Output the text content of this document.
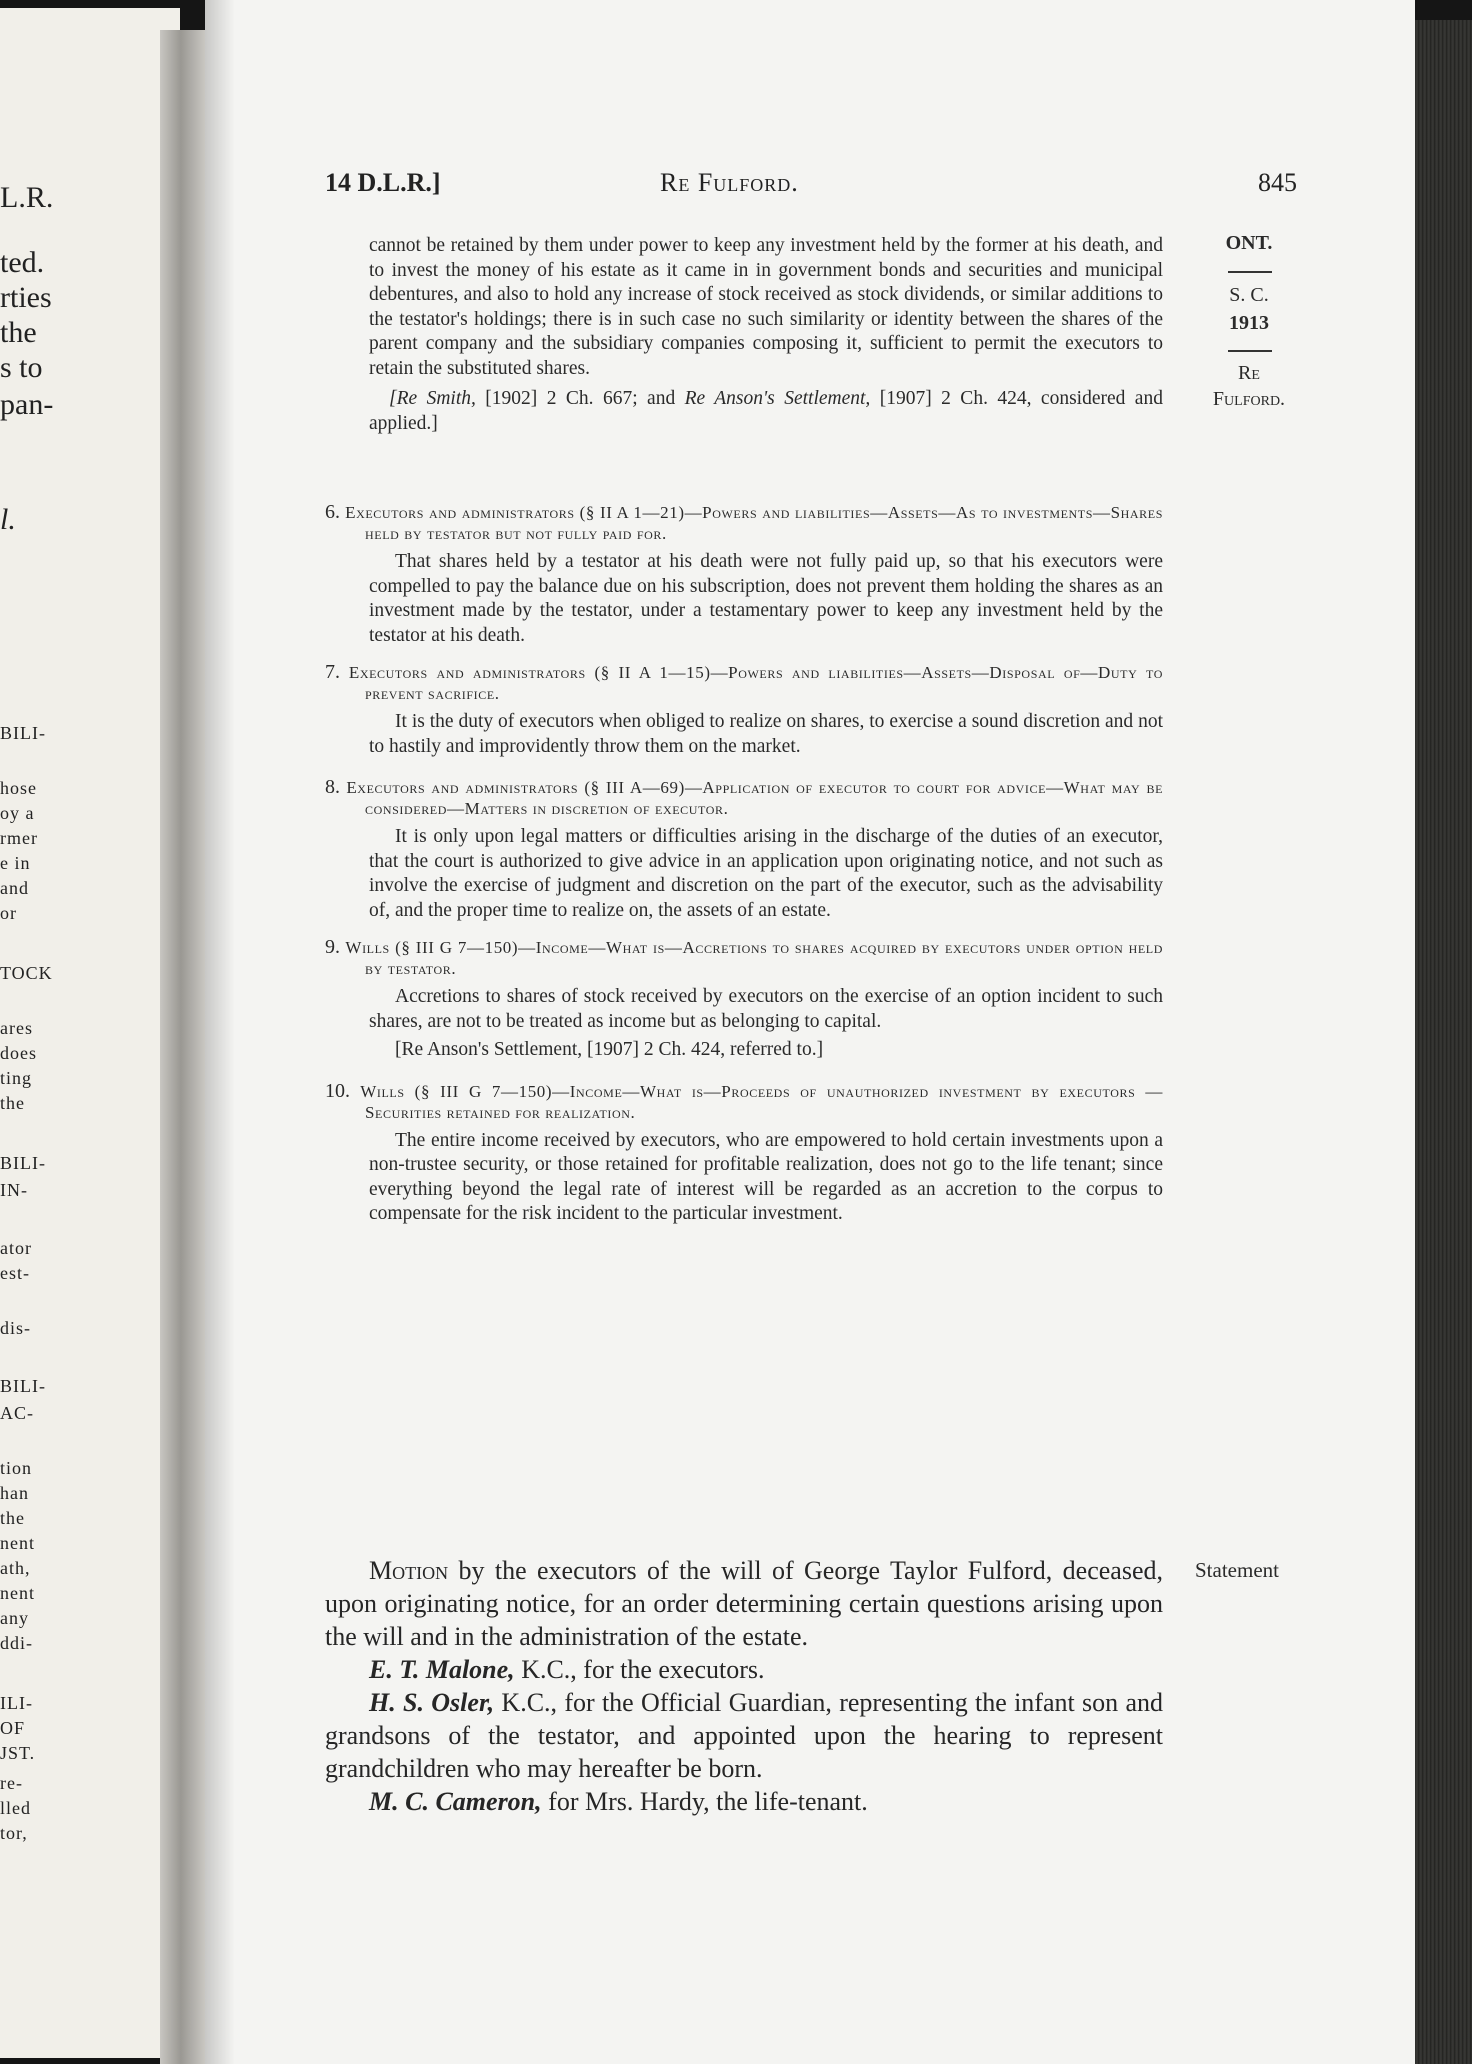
L.R.
ted.
rties
the
s to
pan-
l.
BILI-
hose
oy a
rmer
e in
and
or
TOCK
ares
does
ting
the
BILI-
IN-
ator
est-
dis-
BILI-
AC-
tion
han
the
nent
ath,
nent
any
ddi-
ILI-
OF
JST.
re-
lled
tor,
14 D.L.R.]	Re Fulford.	845
ONT.
S. C.
1913
Re
Fulford.

cannot be retained by them under power to keep any investment held by the former at his death, and to invest the money of his estate as it came in in government bonds and securities and municipal debentures, and also to hold any increase of stock received as stock dividends, or similar additions to the testator's holdings; there is in such case no such similarity or identity between the shares of the parent company and the subsidiary companies composing it, sufficient to permit the executors to retain the substituted shares.

[Re Smith, [1902] 2 Ch. 667; and Re Anson's Settlement, [1907] 2 Ch. 424, considered and applied.]

6. Executors and administrators (§ II A 1—21)—Powers and liabilities—Assets—As to investments—Shares held by testator but not fully paid for.

That shares held by a testator at his death were not fully paid up, so that his executors were compelled to pay the balance due on his subscription, does not prevent them holding the shares as an investment made by the testator, under a testamentary power to keep any investment held by the testator at his death.

7. Executors and administrators (§ II A 1—15)—Powers and liabilities—Assets—Disposal of—Duty to prevent sacrifice.

It is the duty of executors when obliged to realize on shares, to exercise a sound discretion and not to hastily and improvidently throw them on the market.

8. Executors and administrators (§ III A—69)—Application of executor to court for advice—What may be considered—Matters in discretion of executor.

It is only upon legal matters or difficulties arising in the discharge of the duties of an executor, that the court is authorized to give advice in an application upon originating notice, and not such as involve the exercise of judgment and discretion on the part of the executor, such as the advisability of, and the proper time to realize on, the assets of an estate.

9. Wills (§ III G 7—150)—Income—What is—Accretions to shares acquired by executors under option held by testator.

Accretions to shares of stock received by executors on the exercise of an option incident to such shares, are not to be treated as income but as belonging to capital.

[Re Anson's Settlement, [1907] 2 Ch. 424, referred to.]

10. Wills (§ III G 7—150)—Income—What is—Proceeds of unauthorized investment by executors — Securities retained for realization.

The entire income received by executors, who are empowered to hold certain investments upon a non-trustee security, or those retained for profitable realization, does not go to the life tenant; since everything beyond the legal rate of interest will be regarded as an accretion to the corpus to compensate for the risk incident to the particular investment.

Motion by the executors of the will of George Taylor Fulford, deceased, upon originating notice, for an order determining certain questions arising upon the will and in the administration of the estate.

E. T. Malone, K.C., for the executors.

H. S. Osler, K.C., for the Official Guardian, representing the infant son and grandsons of the testator, and appointed upon the hearing to represent grandchildren who may hereafter be born.

M. C. Cameron, for Mrs. Hardy, the life-tenant.

Statement
